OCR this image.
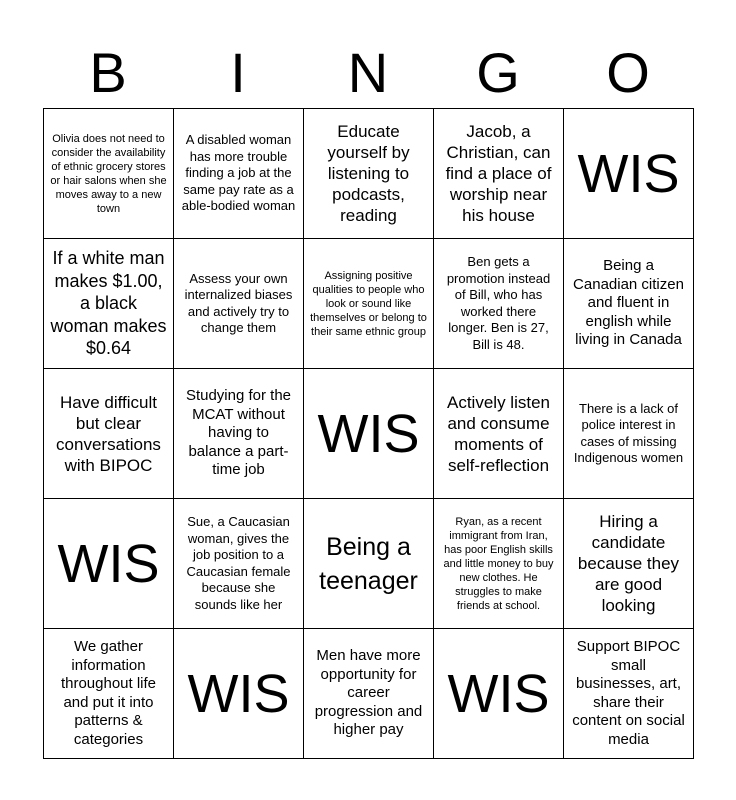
B	I	N	G	O
Olivia does not need to consider the availability of ethnic grocery stores or hair salons when she moves away to a new town
A disabled woman has more trouble finding a job at the same pay rate as a able-bodied woman
Educate yourself by listening to podcasts, reading
Jacob, a Christian, can find a place of worship near his house
WIS
If a white man makes $1.00, a black woman makes $0.64
Assess your own internalized biases and actively try to change them
Assigning positive qualities to people who look or sound like themselves or belong to their same ethnic group
Ben gets a promotion instead of Bill, who has worked there longer. Ben is 27, Bill is 48.
Being a Canadian citizen and fluent in english while living in Canada
Have difficult but clear conversations with BIPOC
Studying for the MCAT without having to balance a part-time job
WIS
Actively listen and consume moments of self-reflection
There is a lack of police interest in cases of missing Indigenous women
WIS
Sue, a Caucasian woman, gives the job position to a Caucasian female because she sounds like her
Being a teenager
Ryan, as a recent immigrant from Iran, has poor English skills and little money to buy new clothes. He struggles to make friends at school.
Hiring a candidate because they are good looking
We gather information throughout life and put it into patterns & categories
WIS
Men have more opportunity for career progression and higher pay
WIS
Support BIPOC small businesses, art, share their content on social media
